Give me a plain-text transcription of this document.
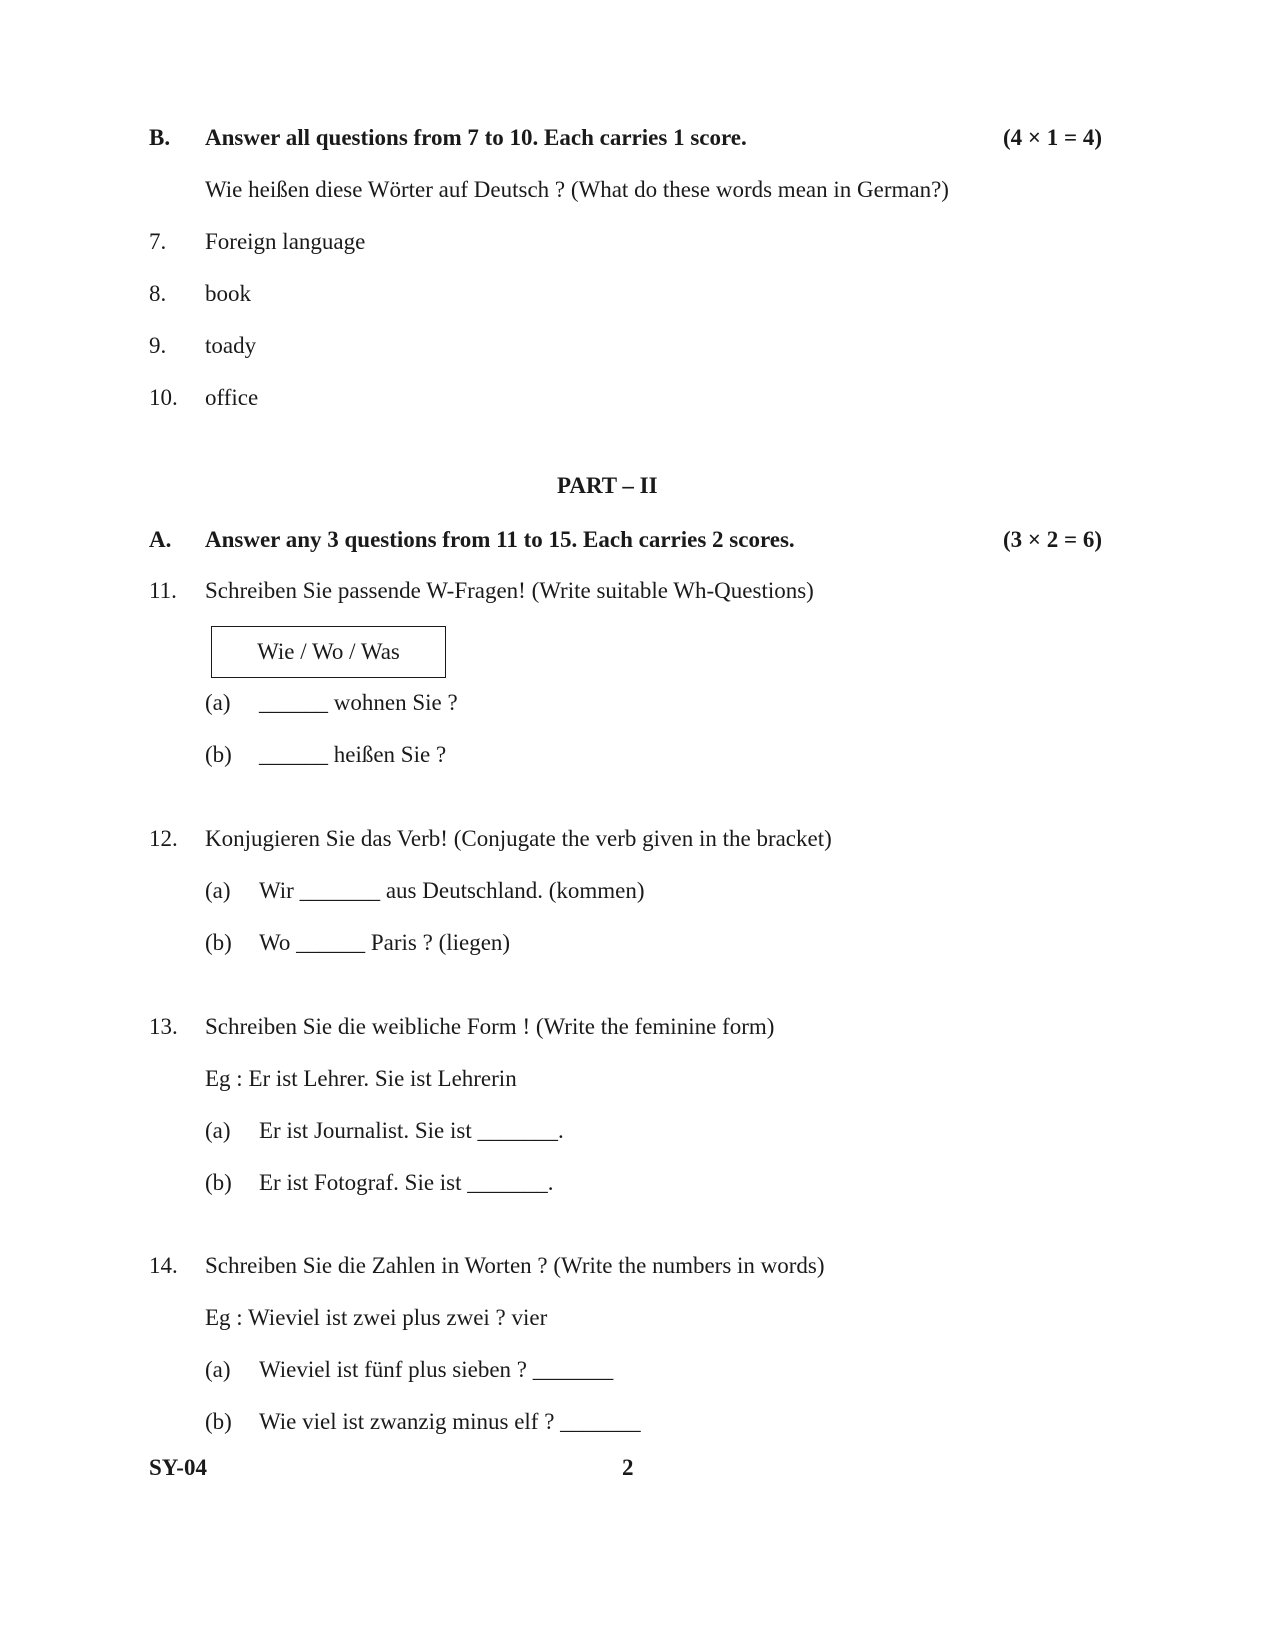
B. Answer all questions from 7 to 10. Each carries 1 score.	(4 × 1 = 4)
Wie heißen diese Wörter auf Deutsch ? (What do these words mean in German?)
7. Foreign language
8. book
9. toady
10. office
PART – II
A. Answer any 3 questions from 11 to 15. Each carries 2 scores.	(3 × 2 = 6)
11. Schreiben Sie passende W-Fragen! (Write suitable Wh-Questions)
Wie / Wo / Was
(a) ______ wohnen Sie ?
(b) ______ heißen Sie ?
12. Konjugieren Sie das Verb! (Conjugate the verb given in the bracket)
(a) Wir _______ aus Deutschland. (kommen)
(b) Wo ______ Paris ? (liegen)
13. Schreiben Sie die weibliche Form ! (Write the feminine form)
Eg : Er ist Lehrer. Sie ist Lehrerin
(a) Er ist Journalist. Sie ist _______.
(b) Er ist Fotograf. Sie ist _______.
14. Schreiben Sie die Zahlen in Worten ? (Write the numbers in words)
Eg : Wieviel ist zwei plus zwei ? vier
(a) Wieviel ist fünf plus sieben ? _______
(b) Wie viel ist zwanzig minus elf ? _______
SY-04	2
